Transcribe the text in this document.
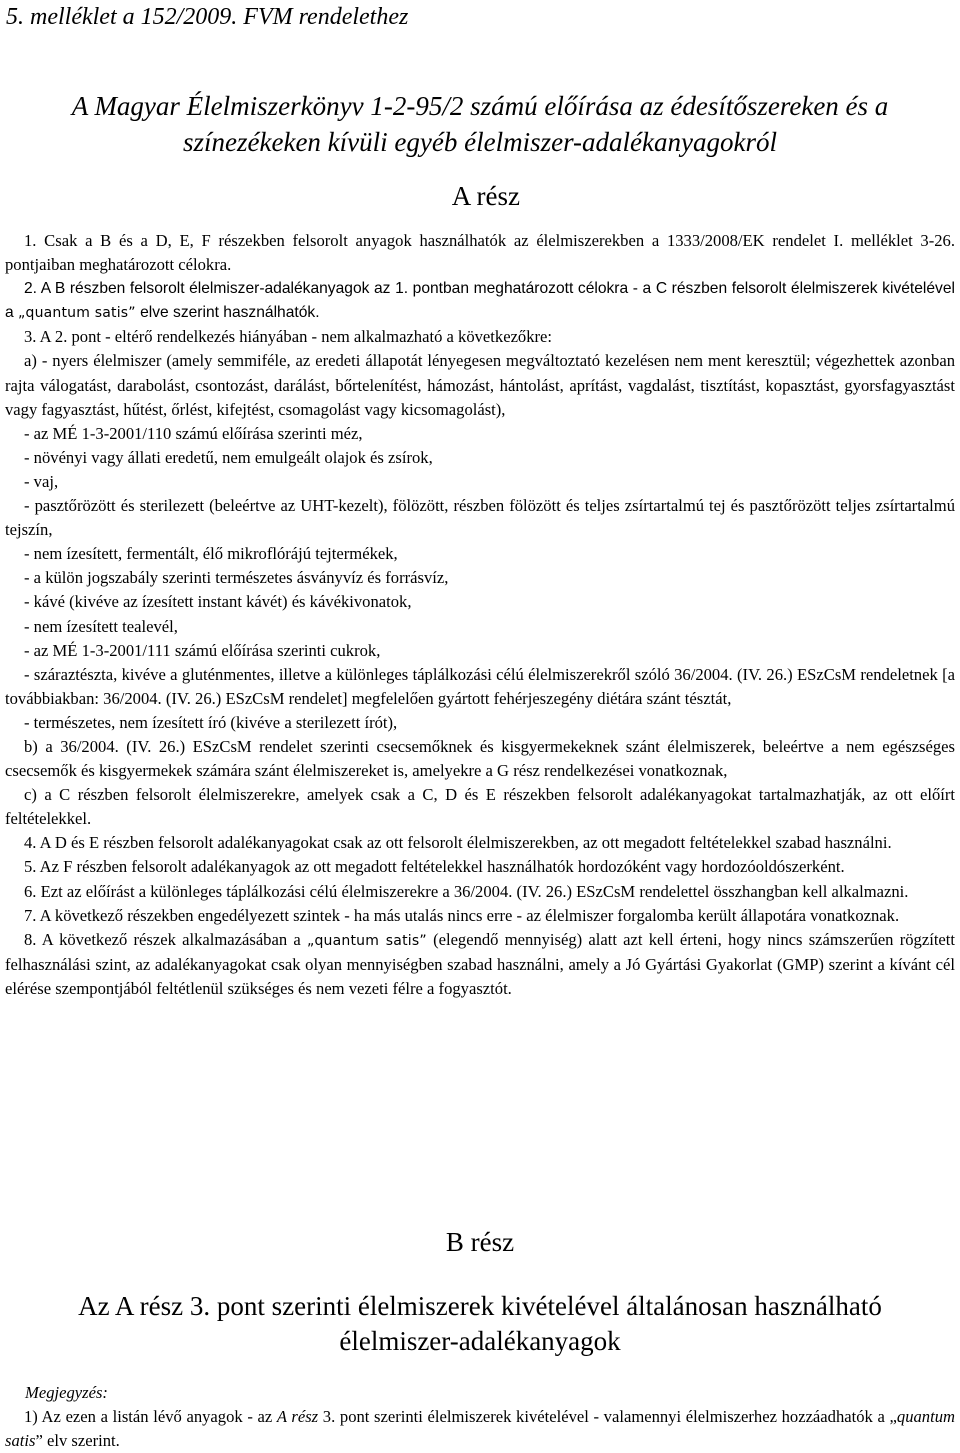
5. melléklet a 152/2009. FVM rendelethez
A Magyar Élelmiszerkönyv 1-2-95/2 számú előírása az édesítőszereken és a
színezékeken kívüli egyéb élelmiszer-adalékanyagokról
A rész

1. Csak a B és a D, E, F részekben felsorolt anyagok használhatók az élelmiszerekben a 1333/2008/EK rendelet I. melléklet 3-26. pontjaiban meghatározott célokra.

2. A B részben felsorolt élelmiszer-adalékanyagok az 1. pontban meghatározott célokra - a C részben felsorolt élelmiszerek kivételével a „quantum satis” elve szerint használhatók.

3. A 2. pont - eltérő rendelkezés hiányában - nem alkalmazható a következőkre:

a) - nyers élelmiszer (amely semmiféle, az eredeti állapotát lényegesen megváltoztató kezelésen nem ment keresztül; végezhettek azonban rajta válogatást, darabolást, csontozást, darálást, bőrtelenítést, hámozást, hántolást, aprítást, vagdalást, tisztítást, kopasztást, gyorsfagyasztást vagy fagyasztást, hűtést, őrlést, kifejtést, csomagolást vagy kicsomagolást),

- az MÉ 1-3-2001/110 számú előírása szerinti méz,

- növényi vagy állati eredetű, nem emulgeált olajok és zsírok,

- vaj,

- pasztőrözött és sterilezett (beleértve az UHT-kezelt), fölözött, részben fölözött és teljes zsírtartalmú tej és pasztőrözött teljes zsírtartalmú tejszín,

- nem ízesített, fermentált, élő mikroflórájú tejtermékek,

- a külön jogszabály szerinti természetes ásványvíz és forrásvíz,

- kávé (kivéve az ízesített instant kávét) és kávékivonatok,

- nem ízesített tealevél,

- az MÉ 1-3-2001/111 számú előírása szerinti cukrok,

- száraztészta, kivéve a gluténmentes, illetve a különleges táplálkozási célú élelmiszerekről szóló 36/2004. (IV. 26.) ESzCsM rendeletnek [a továbbiakban: 36/2004. (IV. 26.) ESzCsM rendelet] megfelelően gyártott fehérjeszegény diétára szánt tésztát,

- természetes, nem ízesített író (kivéve a sterilezett írót),

b) a 36/2004. (IV. 26.) ESzCsM rendelet szerinti csecsemőknek és kisgyermekeknek szánt élelmiszerek, beleértve a nem egészséges csecsemők és kisgyermekek számára szánt élelmiszereket is, amelyekre a G rész rendelkezései vonatkoznak,

c) a C részben felsorolt élelmiszerekre, amelyek csak a C, D és E részekben felsorolt adalékanyagokat tartalmazhatják, az ott előírt feltételekkel.

4. A D és E részben felsorolt adalékanyagokat csak az ott felsorolt élelmiszerekben, az ott megadott feltételekkel szabad használni.

5. Az F részben felsorolt adalékanyagok az ott megadott feltételekkel használhatók hordozóként vagy hordozóoldószerként.

6. Ezt az előírást a különleges táplálkozási célú élelmiszerekre a 36/2004. (IV. 26.) ESzCsM rendelettel összhangban kell alkalmazni.

7. A következő részekben engedélyezett szintek - ha más utalás nincs erre - az élelmiszer forgalomba került állapotára vonatkoznak.

8. A következő részek alkalmazásában a „quantum satis” (elegendő mennyiség) alatt azt kell érteni, hogy nincs számszerűen rögzített felhasználási szint, az adalékanyagokat csak olyan mennyiségben szabad használni, amely a Jó Gyártási Gyakorlat (GMP) szerint a kívánt cél elérése szempontjából feltétlenül szükséges és nem vezeti félre a fogyasztót.

B rész
Az A rész 3. pont szerinti élelmiszerek kivételével általánosan használható
élelmiszer-adalékanyagok

Megjegyzés:

1) Az ezen a listán lévő anyagok - az A rész 3. pont szerinti élelmiszerek kivételével - valamennyi élelmiszerhez hozzáadhatók a „quantum satis” elv szerint.
